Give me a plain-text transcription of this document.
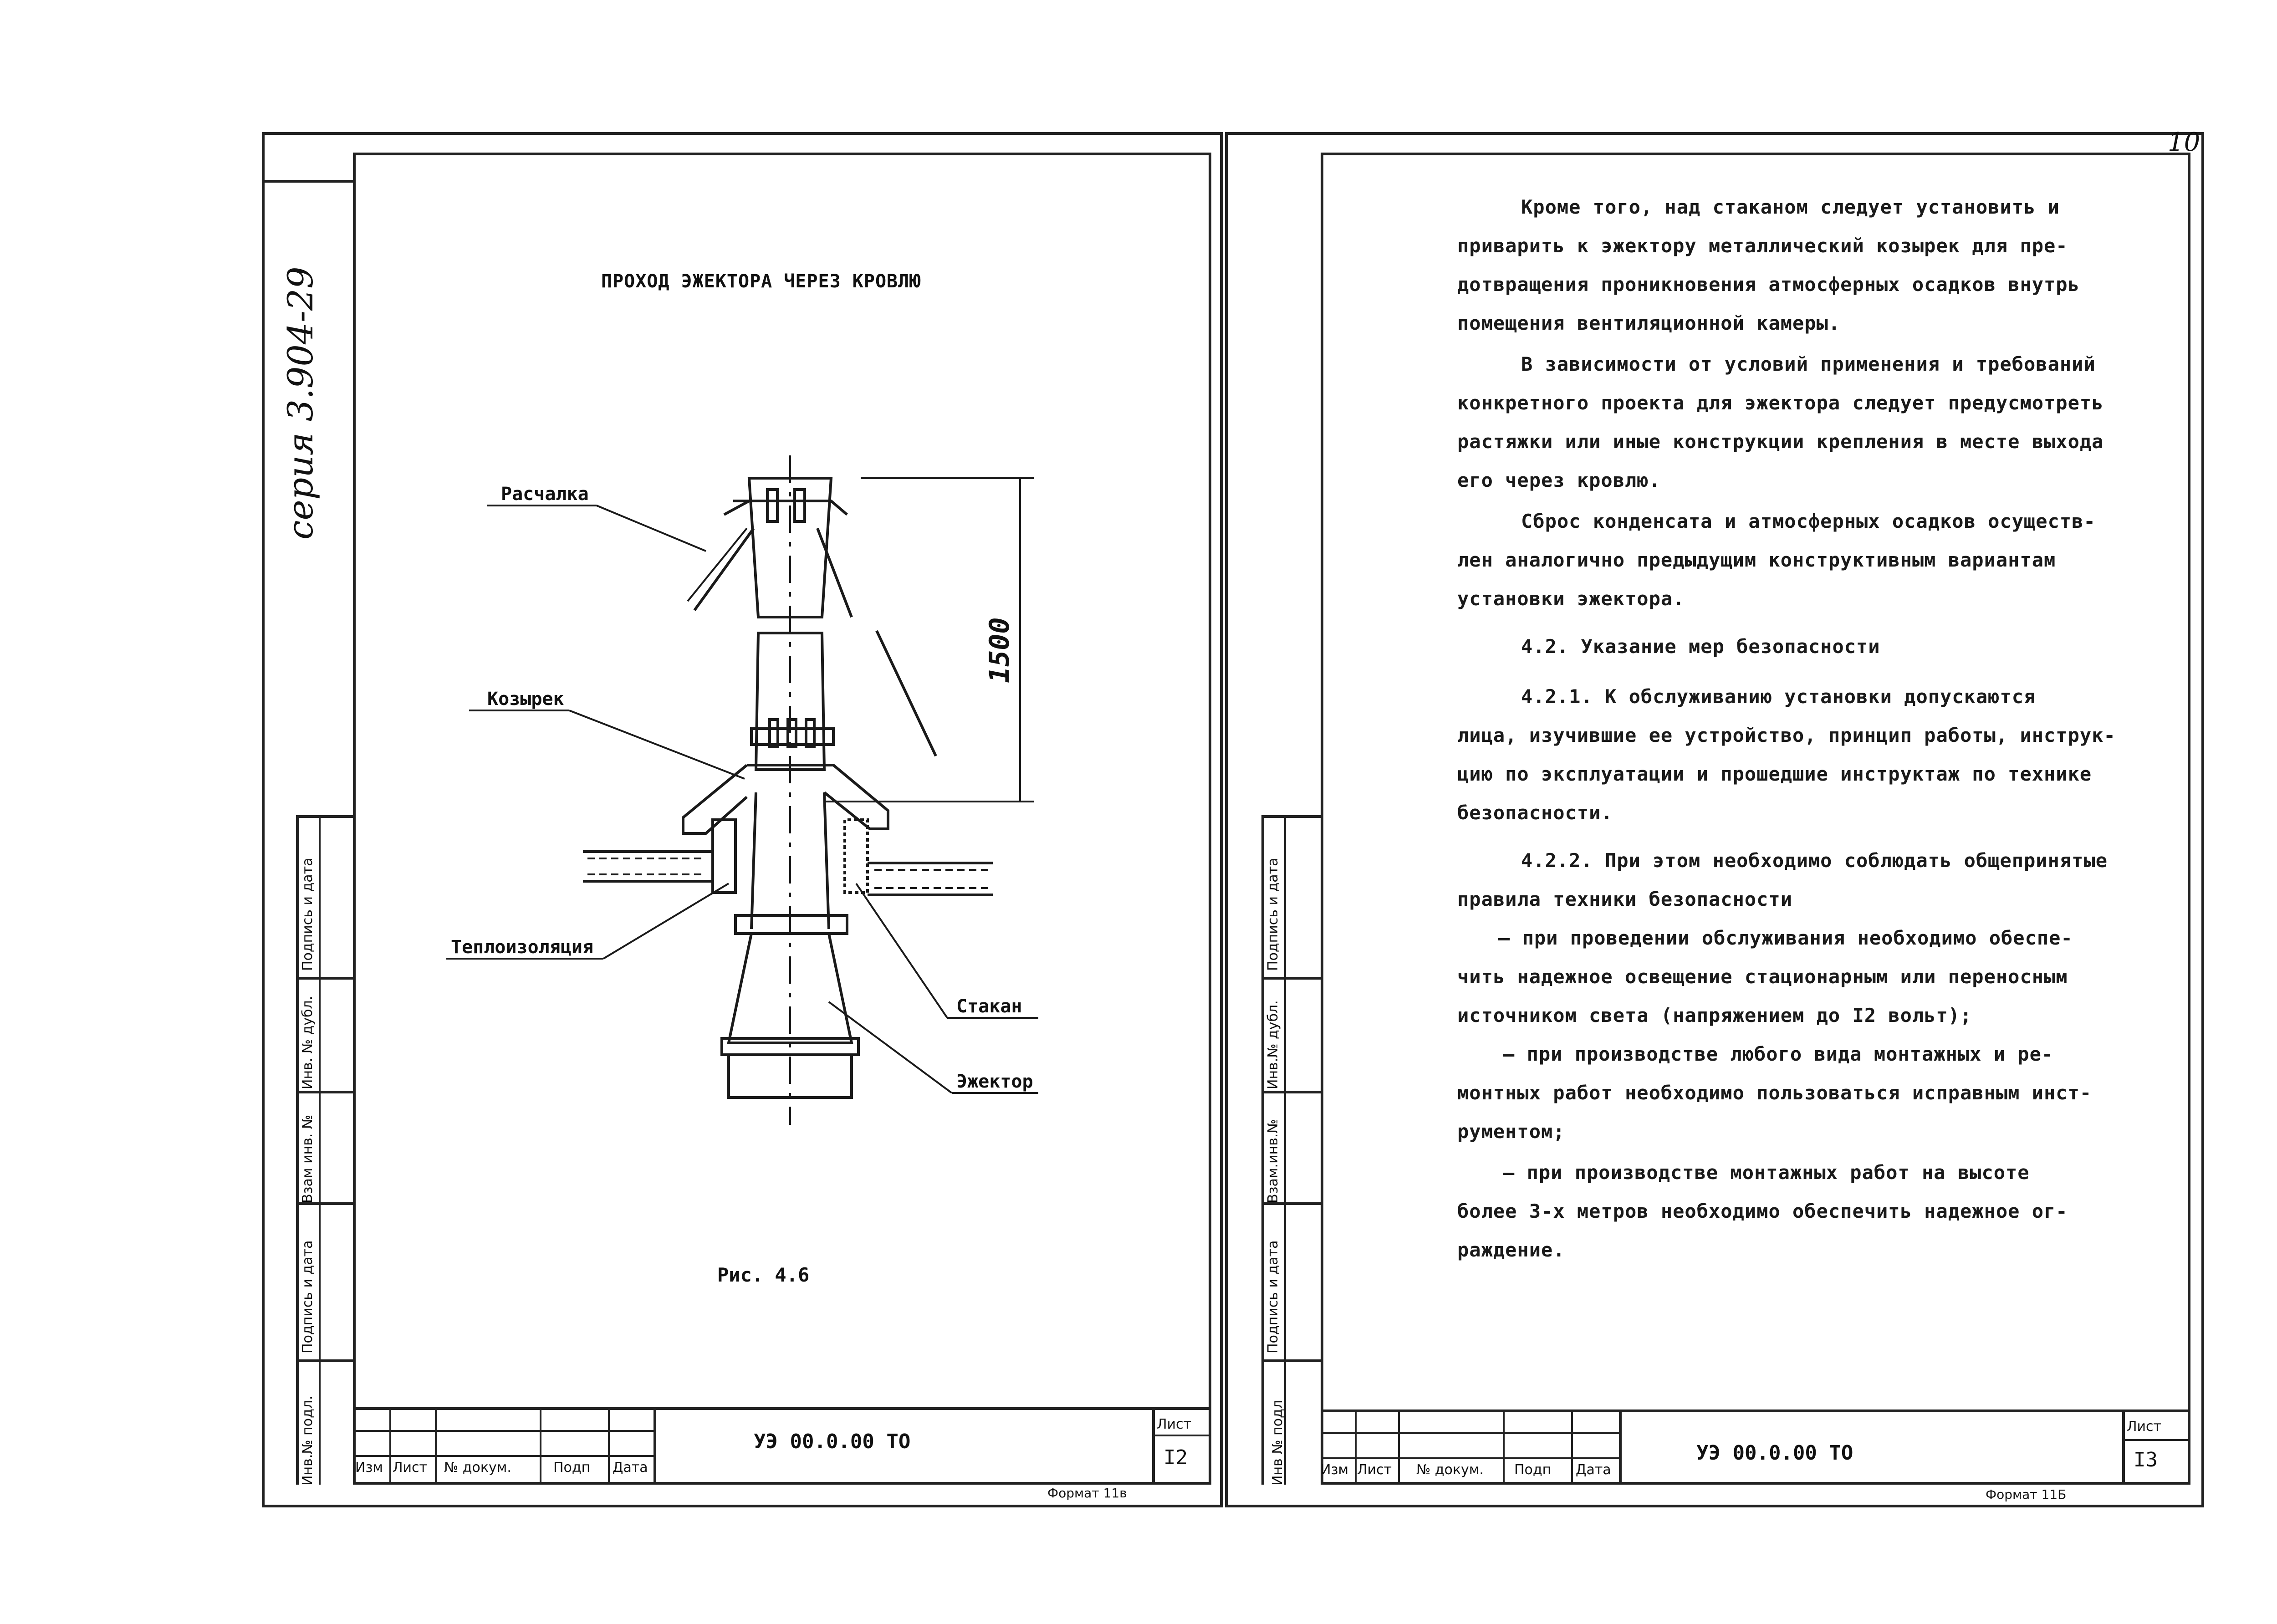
серия 3.904-29
Инв.№ подл.
Подпись и дата
Взам инв. №
Инв. № дубл.
Подпись и дата
ПРОХОД ЭЖЕКТОРА ЧЕРЕЗ КРОВЛЮ
Расчалка
Козырек
Теплоизоляция
Стакан
Эжектор
1500
Рис. 4.6
Изм Лист № докум.	Подп Дата
УЭ 00.0.00 ТО
Лист
I2
Формат 11в
10
Инв № подл
Подпись и дата
Взам.инв.№
Инв.№ дубл.
Подпись и дата
Кроме того, над стаканом следует установить и
приварить к эжектору металлический козырек для пре-
дотвращения проникновения атмосферных осадков внутрь
помещения вентиляционной камеры.
В зависимости от условий применения и требований
конкретного проекта для эжектора следует предусмотреть
растяжки или иные конструкции крепления в месте выхода
его через кровлю.
Сброс конденсата и атмосферных осадков осуществ-
лен аналогично предыдущим конструктивным вариантам
установки эжектора.
4.2. Указание мер безопасности
4.2.1. К обслуживанию установки допускаются
лица, изучившие ее устройство, принцип работы, инструк-
цию по эксплуатации и прошедшие инструктаж по технике
безопасности.
4.2.2. При этом необходимо соблюдать общепринятые
правила техники безопасности
– при проведении обслуживания необходимо обеспе-
чить надежное освещение стационарным или переносным
источником света (напряжением до I2 вольт);
– при производстве любого вида монтажных и ре-
монтных работ необходимо пользоваться исправным инст-
рументом;
– при производстве монтажных работ на высоте
более 3-х метров необходимо обеспечить надежное ог-
раждение.
Изм Лист № докум. Подп Дата
УЭ 00.0.00 ТО
Лист
I3
Формат 11Б
